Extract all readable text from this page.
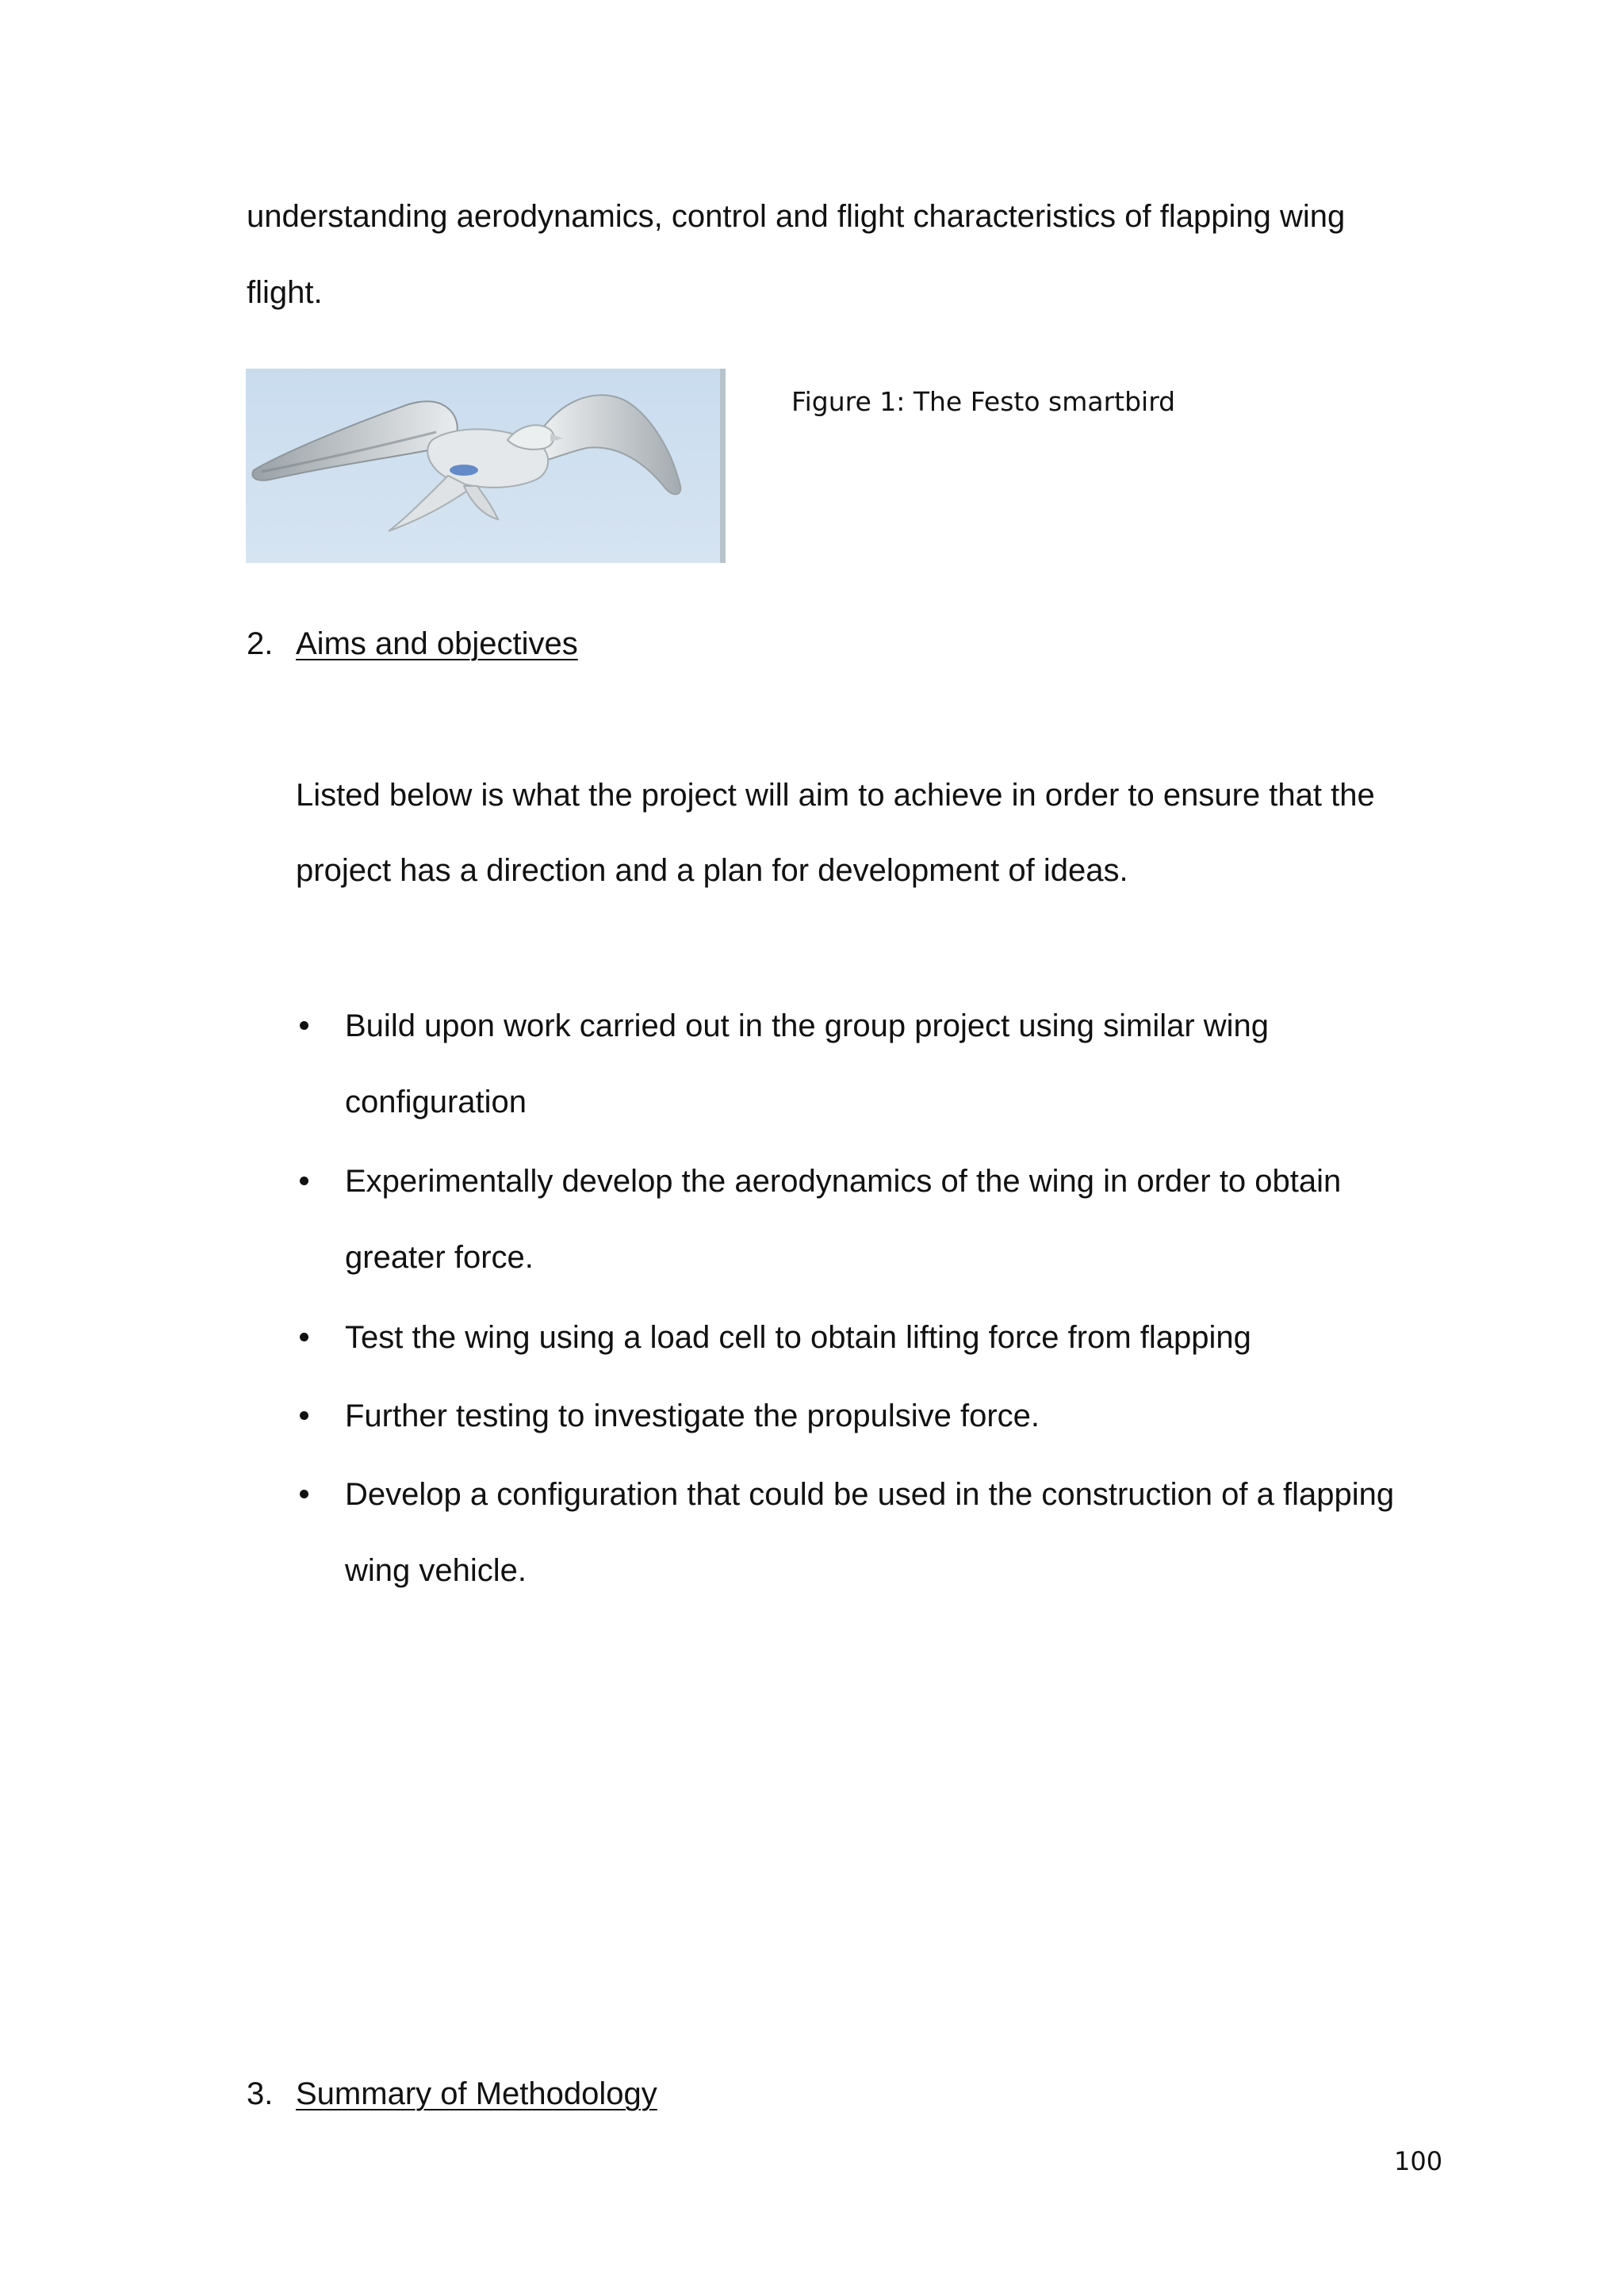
understanding aerodynamics, control and flight characteristics of flapping wing
flight.
Figure 1: The Festo smartbird
2. Aims and objectives
Listed below is what the project will aim to achieve in order to ensure that the
project has a direction and a plan for development of ideas.
Build upon work carried out in the group project using similar wing
configuration
Experimentally develop the aerodynamics of the wing in order to obtain
greater force.
Test the wing using a load cell to obtain lifting force from flapping
Further testing to investigate the propulsive force.
Develop a configuration that could be used in the construction of a flapping
wing vehicle.
3. Summary of Methodology
100
